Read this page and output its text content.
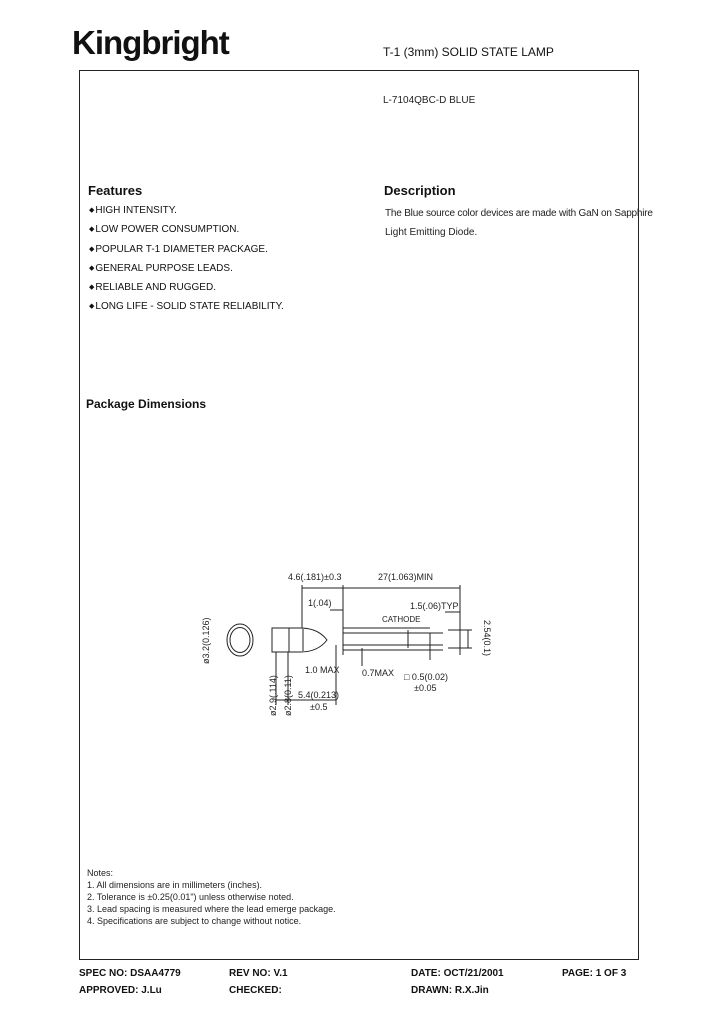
Kingbright	T-1 (3mm) SOLID STATE LAMP
L-7104QBC-D BLUE
Features
◆HIGH INTENSITY.
◆LOW POWER CONSUMPTION.
◆POPULAR T-1 DIAMETER PACKAGE.
◆GENERAL PURPOSE LEADS.
◆RELIABLE AND RUGGED.
◆LONG LIFE - SOLID STATE RELIABILITY.
Description
The Blue source color devices are made with GaN on Sapphire
Light Emitting Diode.
Package Dimensions
4.6(.181)±0.3	27(1.063)MIN
1(.04)	1.5(.06)TYP
CATHODE
2.54(0.1)
ø3.2(0.126)
ø2.9(.114) ø2.8(0.11)
1.0 MAX 0.7MAX □ 0.5(0.02)
±0.05
5.4(0.213)
±0.5
Notes:
1. All dimensions are in millimeters (inches).
2. Tolerance is ±0.25(0.01") unless otherwise noted.
3. Lead spacing is measured where the lead emerge package.
4. Specifications are subject to change without notice.
SPEC NO: DSAA4779	REV NO: V.1	DATE: OCT/21/2001	PAGE: 1 OF 3
APPROVED: J.Lu	CHECKED:	DRAWN: R.X.Jin
